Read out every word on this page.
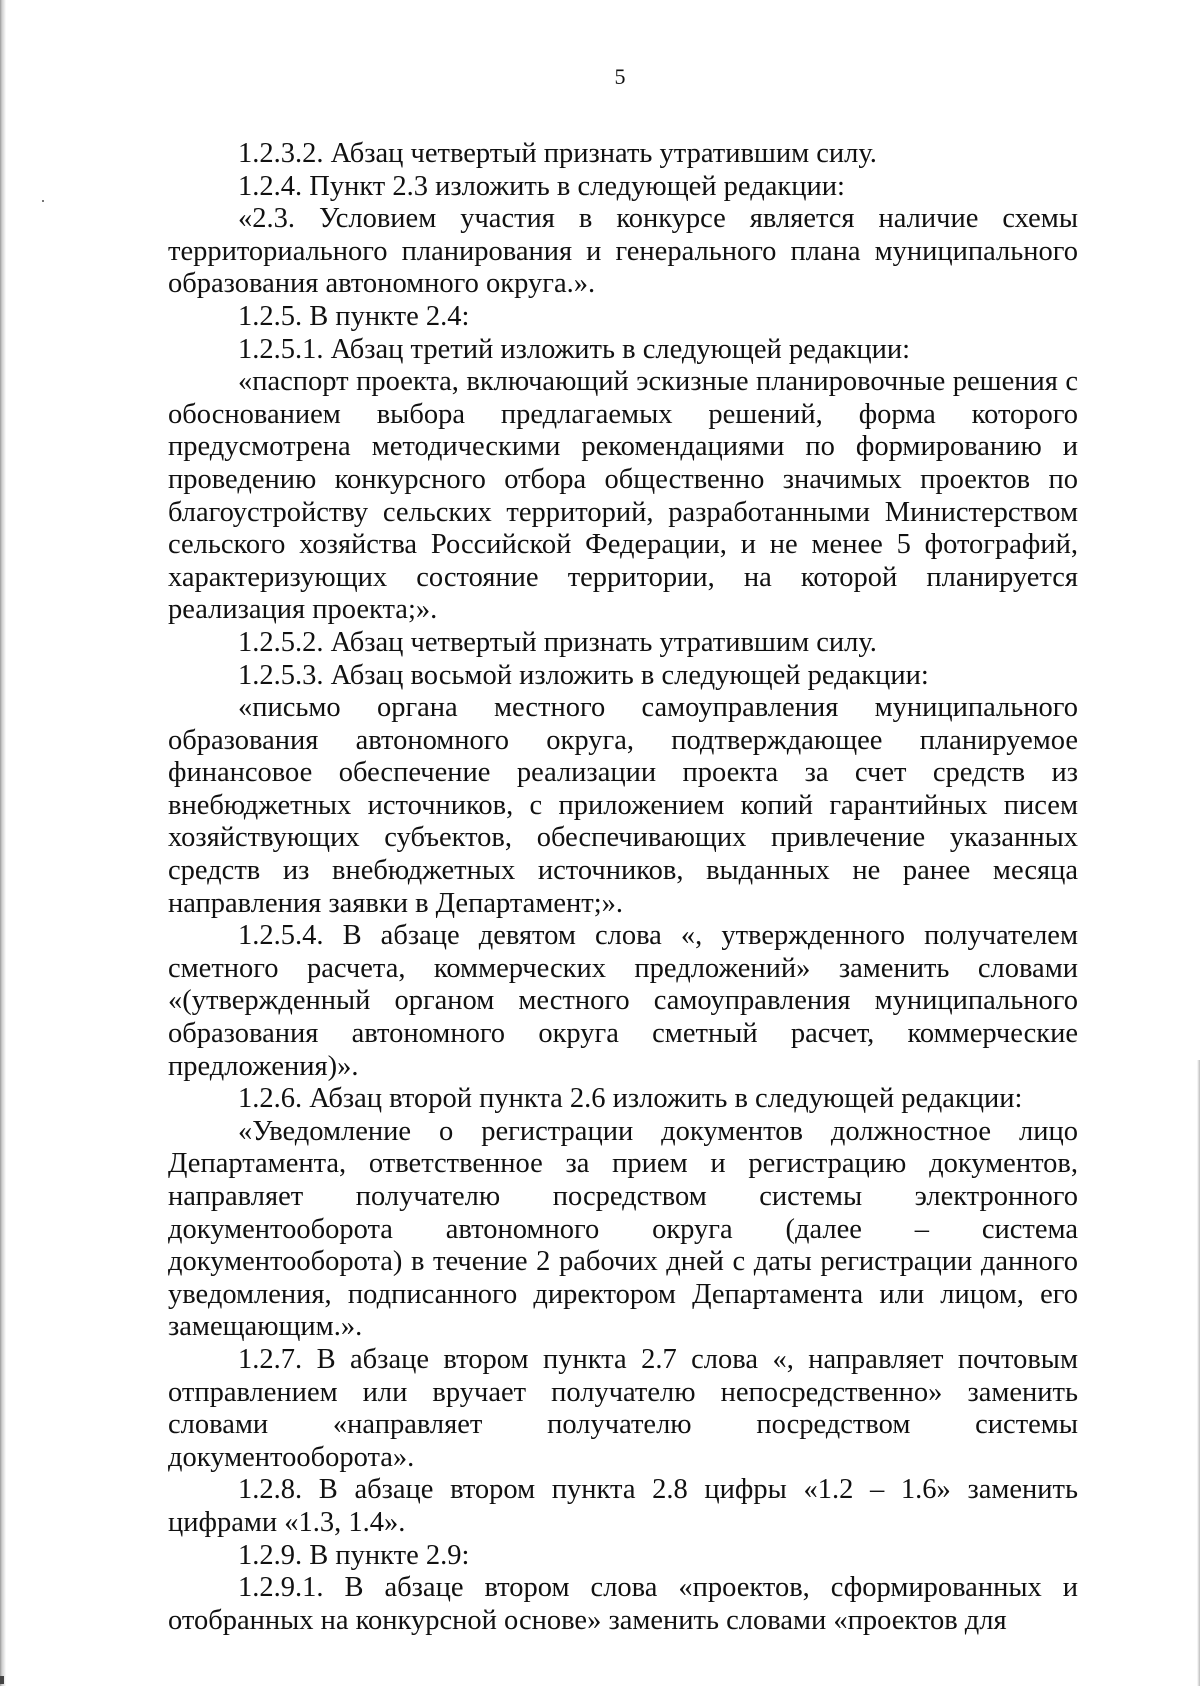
5

1.2.3.2. Абзац четвертый признать утратившим силу.

1.2.4. Пункт 2.3 изложить в следующей редакции:

«2.3. Условием участия в конкурсе является наличие схемы территориального планирования и генерального плана муниципального образования автономного округа.».

1.2.5. В пункте 2.4:

1.2.5.1. Абзац третий изложить в следующей редакции:

«паспорт проекта, включающий эскизные планировочные решения с обоснованием выбора предлагаемых решений, форма которого предусмотрена методическими рекомендациями по формированию и проведению конкурсного отбора общественно значимых проектов по благоустройству сельских территорий, разработанными Министерством сельского хозяйства Российской Федерации, и не менее 5 фотографий, характеризующих состояние территории, на которой планируется реализация проекта;».

1.2.5.2. Абзац четвертый признать утратившим силу.

1.2.5.3. Абзац восьмой изложить в следующей редакции:

«письмо органа местного самоуправления муниципального образования автономного округа, подтверждающее планируемое финансовое обеспечение реализации проекта за счет средств из внебюджетных источников, с приложением копий гарантийных писем хозяйствующих субъектов, обеспечивающих привлечение указанных средств из внебюджетных источников, выданных не ранее месяца направления заявки в Департамент;».

1.2.5.4. В абзаце девятом слова «, утвержденного получателем сметного расчета, коммерческих предложений» заменить словами «(утвержденный органом местного самоуправления муниципального образования автономного округа сметный расчет, коммерческие предложения)».

1.2.6. Абзац второй пункта 2.6 изложить в следующей редакции:

«Уведомление о регистрации документов должностное лицо Департамента, ответственное за прием и регистрацию документов, направляет получателю посредством системы электронного документооборота автономного округа (далее – система документооборота) в течение 2 рабочих дней с даты регистрации данного уведомления, подписанного директором Департамента или лицом, его замещающим.».

1.2.7. В абзаце втором пункта 2.7 слова «, направляет почтовым отправлением или вручает получателю непосредственно» заменить словами «направляет получателю посредством системы документооборота».

1.2.8. В абзаце втором пункта 2.8 цифры «1.2 – 1.6» заменить цифрами «1.3, 1.4».

1.2.9. В пункте 2.9:

1.2.9.1. В абзаце втором слова «проектов, сформированных и отобранных на конкурсной основе» заменить словами «проектов для
